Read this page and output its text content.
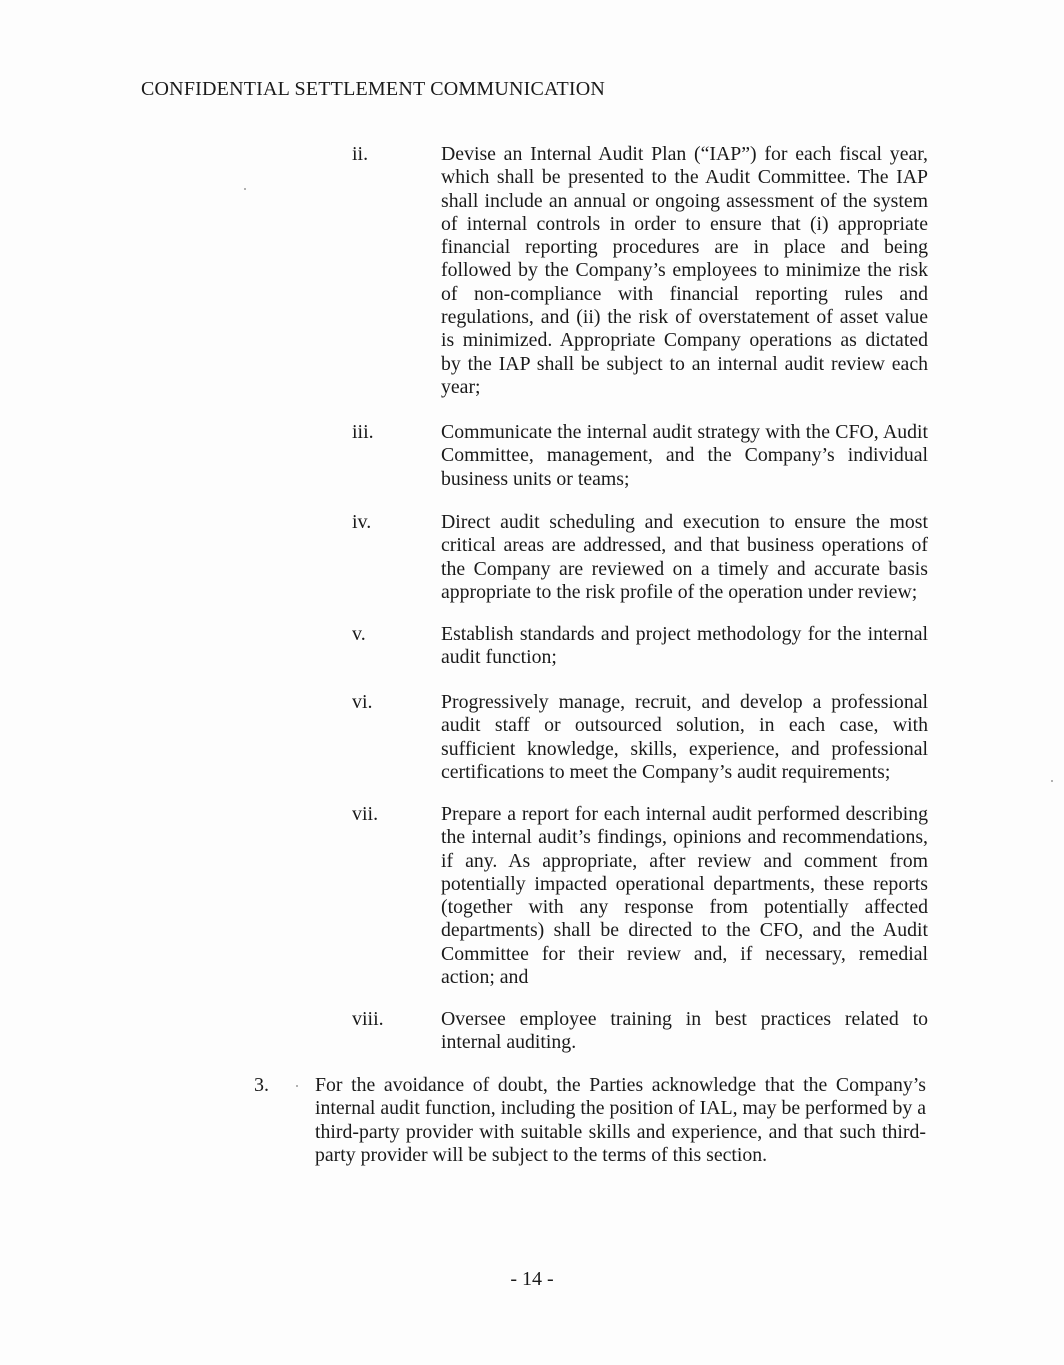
CONFIDENTIAL SETTLEMENT COMMUNICATION
ii.	Devise an Internal Audit Plan (“IAP”) for each fiscal year, which shall be presented to the Audit Committee. The IAP shall include an annual or ongoing assessment of the system of internal controls in order to ensure that (i) appropriate financial reporting procedures are in place and being followed by the Company’s employees to minimize the risk of non-compliance with financial reporting rules and regulations, and (ii) the risk of overstatement of asset value is minimized. Appropriate Company operations as dictated by the IAP shall be subject to an internal audit review each year;

iii.	Communicate the internal audit strategy with the CFO, Audit Committee, management, and the Company’s individual business units or teams;

iv.	Direct audit scheduling and execution to ensure the most critical areas are addressed, and that business operations of the Company are reviewed on a timely and accurate basis appropriate to the risk profile of the operation under review;

v.	Establish standards and project methodology for the internal audit function;

vi.	Progressively manage, recruit, and develop a professional audit staff or outsourced solution, in each case, with sufficient knowledge, skills, experience, and professional certifications to meet the Company’s audit requirements;

vii.	Prepare a report for each internal audit performed describing the internal audit’s findings, opinions and recommendations, if any. As appropriate, after review and comment from potentially impacted operational departments, these reports (together with any response from potentially affected departments) shall be directed to the CFO, and the Audit Committee for their review and, if necessary, remedial action; and

viii.	Oversee employee training in best practices related to internal auditing.

3. For the avoidance of doubt, the Parties acknowledge that the Company’s internal audit function, including the position of IAL, may be performed by a third-party provider with suitable skills and experience, and that such third-party provider will be subject to the terms of this section.

- 14 -
